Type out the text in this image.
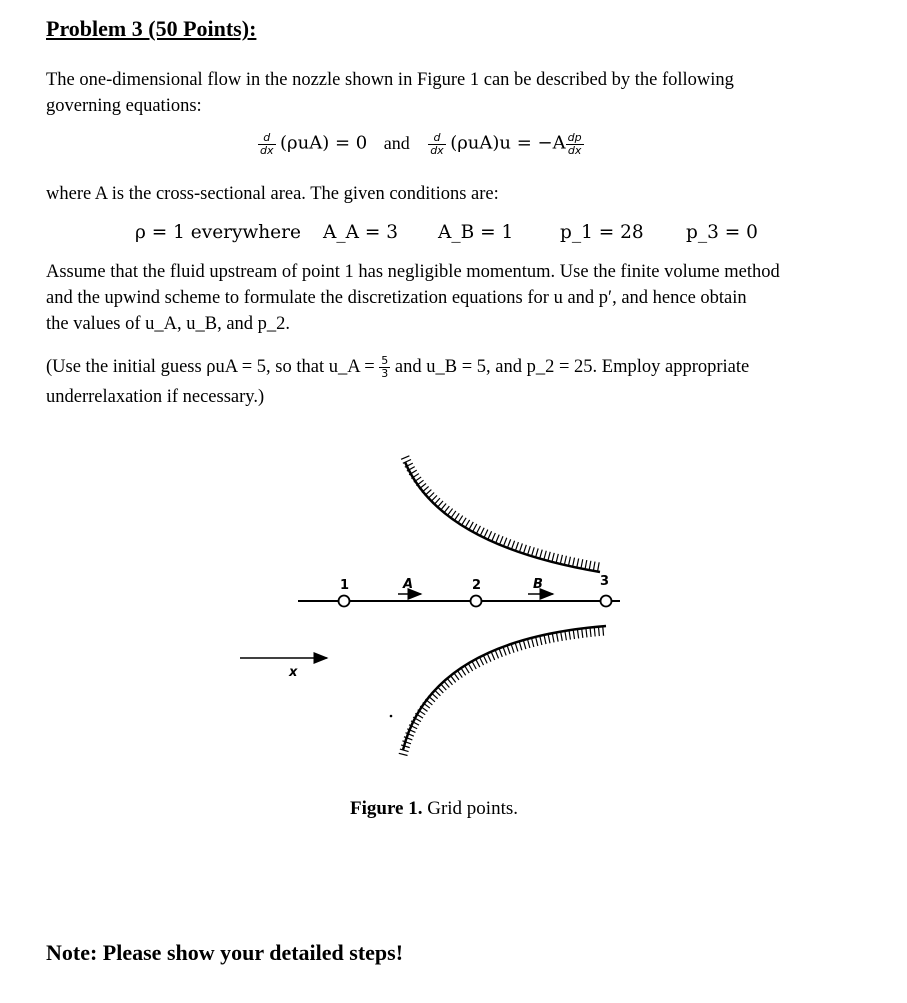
Problem 3 (50 Points):
The one-dimensional flow in the nozzle shown in Figure 1 can be described by the following
governing equations:
$\frac{d}{dx} (\rho uA) = 0$ and $\frac{d}{dx} (\rho uA)u = -A \frac{dp}{dx}$
where A is the cross-sectional area. The given conditions are:
ρ = 1 everywhere A_A = 3 A_B = 1	p_1 = 28 p_3 = 0
Assume that the fluid upstream of point 1 has negligible momentum. Use the finite volume method
and the upwind scheme to formulate the discretization equations for u and p′, and hence obtain
the values of u_A, u_B, and p_2.
(Use the initial guess ρuA = 5, so that u_A = $\frac{5}{3}$ and u_B = 5, and p_2 = 25. Employ appropriate
underrelaxation if necessary.)
1	A	2	B	3
x
Figure 1. Grid points.
Note: Please show your detailed steps!
